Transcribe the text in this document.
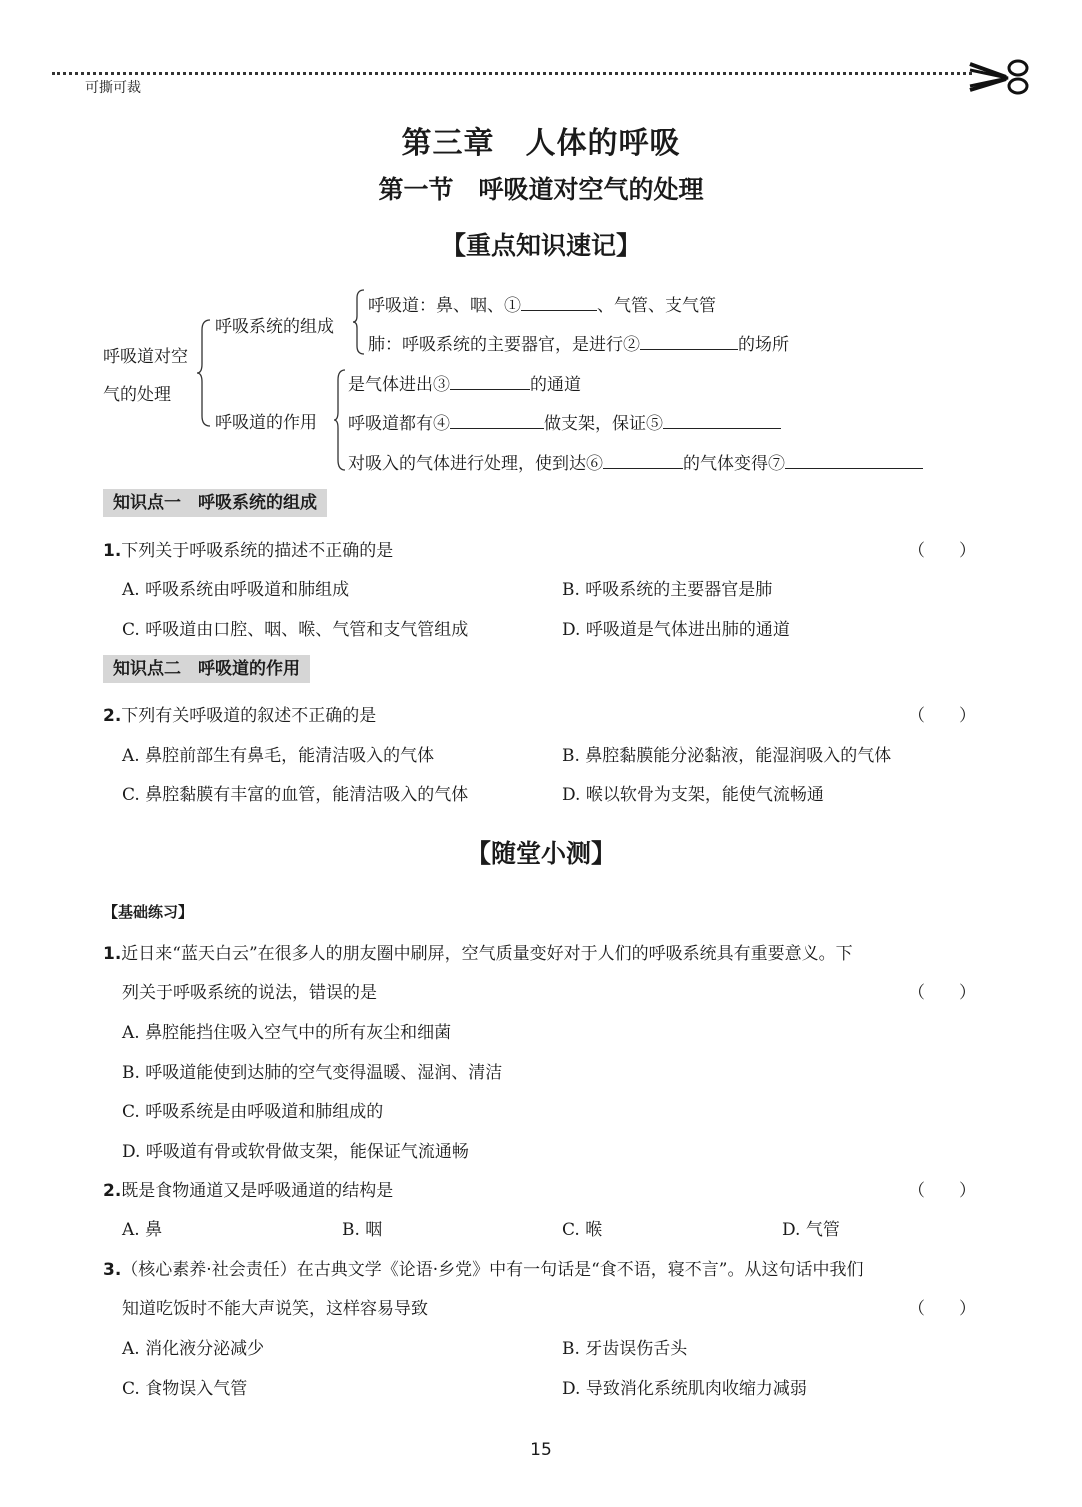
可撕可裁
第三章　人体的呼吸
第一节　呼吸道对空气的处理
【重点知识速记】
呼吸道对空
气的处理
呼吸系统的组成
呼吸道的作用
呼吸道：鼻、咽、①	、气管、支气管
肺：呼吸系统的主要器官，是进行②	的场所
是气体进出③	的通道
呼吸道都有④	做支架，保证⑤
对吸入的气体进行处理，使到达⑥	的气体变得⑦
知识点一　呼吸系统的组成
1.下列关于呼吸系统的描述不正确的是	（　　）
A. 呼吸系统由呼吸道和肺组成	B. 呼吸系统的主要器官是肺
C. 呼吸道由口腔、咽、喉、气管和支气管组成	D. 呼吸道是气体进出肺的通道
知识点二　呼吸道的作用
2.下列有关呼吸道的叙述不正确的是	（　　）
A. 鼻腔前部生有鼻毛，能清洁吸入的气体	B. 鼻腔黏膜能分泌黏液，能湿润吸入的气体
C. 鼻腔黏膜有丰富的血管，能清洁吸入的气体	D. 喉以软骨为支架，能使气流畅通
【随堂小测】
【基础练习】
1.近日来“蓝天白云”在很多人的朋友圈中刷屏，空气质量变好对于人们的呼吸系统具有重要意义。下
列关于呼吸系统的说法，错误的是	（　　）
A. 鼻腔能挡住吸入空气中的所有灰尘和细菌
B. 呼吸道能使到达肺的空气变得温暖、湿润、清洁
C. 呼吸系统是由呼吸道和肺组成的
D. 呼吸道有骨或软骨做支架，能保证气流通畅
2.既是食物通道又是呼吸通道的结构是	（　　）
A. 鼻	B. 咽	C. 喉	D. 气管
3.（核心素养·社会责任）在古典文学《论语·乡党》中有一句话是“食不语，寝不言”。从这句话中我们
知道吃饭时不能大声说笑，这样容易导致	（　　）
A. 消化液分泌减少	B. 牙齿误伤舌头
C. 食物误入气管	D. 导致消化系统肌肉收缩力减弱
15
